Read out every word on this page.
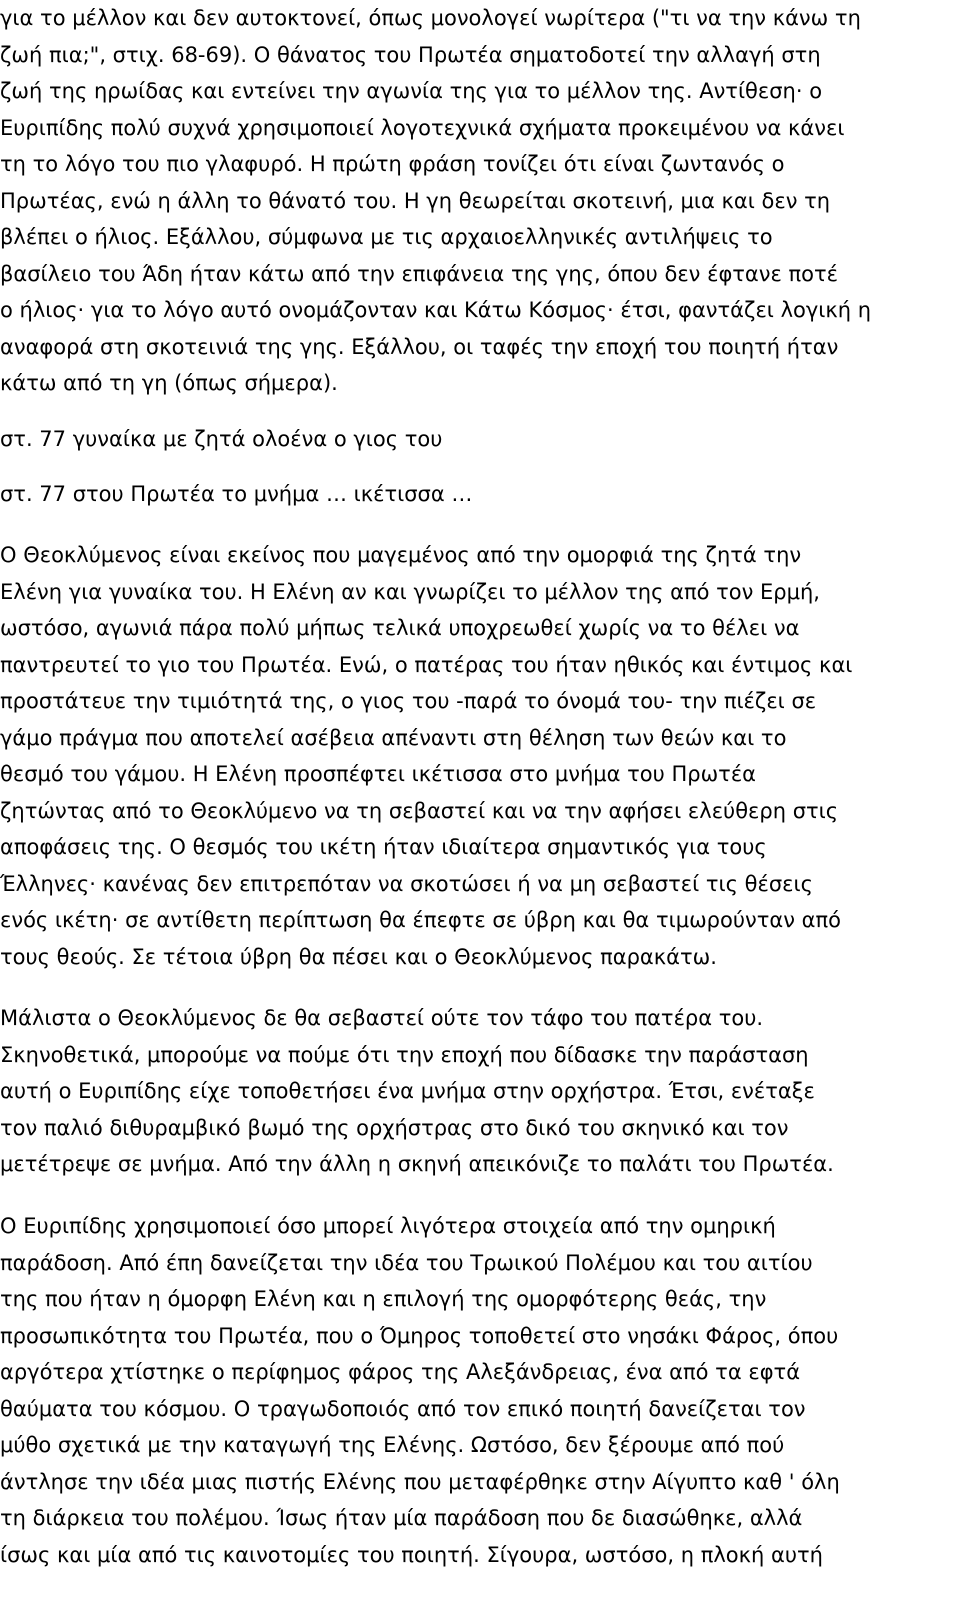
για το μέλλον και δεν αυτοκτονεί, όπως μονολογεί νωρίτερα ("τι να την κάνω τη
ζωή πια;", στιχ. 68-69). Ο θάνατος του Πρωτέα σηματοδοτεί την αλλαγή στη
ζωή της ηρωίδας και εντείνει την αγωνία της για το μέλλον της. Αντίθεση· ο
Ευριπίδης πολύ συχνά χρησιμοποιεί λογοτεχνικά σχήματα προκειμένου να κάνει
τη το λόγο του πιο γλαφυρό. Η πρώτη φράση τονίζει ότι είναι ζωντανός ο
Πρωτέας, ενώ η άλλη το θάνατό του. Η γη θεωρείται σκοτεινή, μια και δεν τη
βλέπει ο ήλιος. Εξάλλου, σύμφωνα με τις αρχαιοελληνικές αντιλήψεις το
βασίλειο του Άδη ήταν κάτω από την επιφάνεια της γης, όπου δεν έφτανε ποτέ
ο ήλιος· για το λόγο αυτό ονομάζονταν και Κάτω Κόσμος· έτσι, φαντάζει λογική η
αναφορά στη σκοτεινιά της γης. Εξάλλου, οι ταφές την εποχή του ποιητή ήταν
κάτω από τη γη (όπως σήμερα).

στ. 77 γυναίκα με ζητά ολοένα ο γιος του

στ. 77 στου Πρωτέα το μνήμα … ικέτισσα …

Ο Θεοκλύμενος είναι εκείνος που μαγεμένος από την ομορφιά της ζητά την
Ελένη για γυναίκα του. Η Ελένη αν και γνωρίζει το μέλλον της από τον Ερμή,
ωστόσο, αγωνιά πάρα πολύ μήπως τελικά υποχρεωθεί χωρίς να το θέλει να
παντρευτεί το γιο του Πρωτέα. Ενώ, ο πατέρας του ήταν ηθικός και έντιμος και
προστάτευε την τιμιότητά της, ο γιος του -παρά το όνομά του- την πιέζει σε
γάμο πράγμα που αποτελεί ασέβεια απέναντι στη θέληση των θεών και το
θεσμό του γάμου. Η Ελένη προσπέφτει ικέτισσα στο μνήμα του Πρωτέα
ζητώντας από το Θεοκλύμενο να τη σεβαστεί και να την αφήσει ελεύθερη στις
αποφάσεις της. Ο θεσμός του ικέτη ήταν ιδιαίτερα σημαντικός για τους
Έλληνες· κανένας δεν επιτρεπόταν να σκοτώσει ή να μη σεβαστεί τις θέσεις
ενός ικέτη· σε αντίθετη περίπτωση θα έπεφτε σε ύβρη και θα τιμωρούνταν από
τους θεούς. Σε τέτοια ύβρη θα πέσει και ο Θεοκλύμενος παρακάτω.

Μάλιστα ο Θεοκλύμενος δε θα σεβαστεί ούτε τον τάφο του πατέρα του.
Σκηνοθετικά, μπορούμε να πούμε ότι την εποχή που δίδασκε την παράσταση
αυτή ο Ευριπίδης είχε τοποθετήσει ένα μνήμα στην ορχήστρα. Έτσι, ενέταξε
τον παλιό διθυραμβικό βωμό της ορχήστρας στο δικό του σκηνικό και τον
μετέτρεψε σε μνήμα. Από την άλλη η σκηνή απεικόνιζε το παλάτι του Πρωτέα.

Ο Ευριπίδης χρησιμοποιεί όσο μπορεί λιγότερα στοιχεία από την ομηρική
παράδοση. Από έπη δανείζεται την ιδέα του Τρωικού Πολέμου και του αιτίου
της που ήταν η όμορφη Ελένη και η επιλογή της ομορφότερης θεάς, την
προσωπικότητα του Πρωτέα, που ο Όμηρος τοποθετεί στο νησάκι Φάρος, όπου
αργότερα χτίστηκε ο περίφημος φάρος της Αλεξάνδρειας, ένα από τα εφτά
θαύματα του κόσμου. Ο τραγωδοποιός από τον επικό ποιητή δανείζεται τον
μύθο σχετικά με την καταγωγή της Ελένης. Ωστόσο, δεν ξέρουμε από πού
άντλησε την ιδέα μιας πιστής Ελένης που μεταφέρθηκε στην Αίγυπτο καθ ' όλη
τη διάρκεια του πολέμου. Ίσως ήταν μία παράδοση που δε διασώθηκε, αλλά
ίσως και μία από τις καινοτομίες του ποιητή. Σίγουρα, ωστόσο, η πλοκή αυτή
